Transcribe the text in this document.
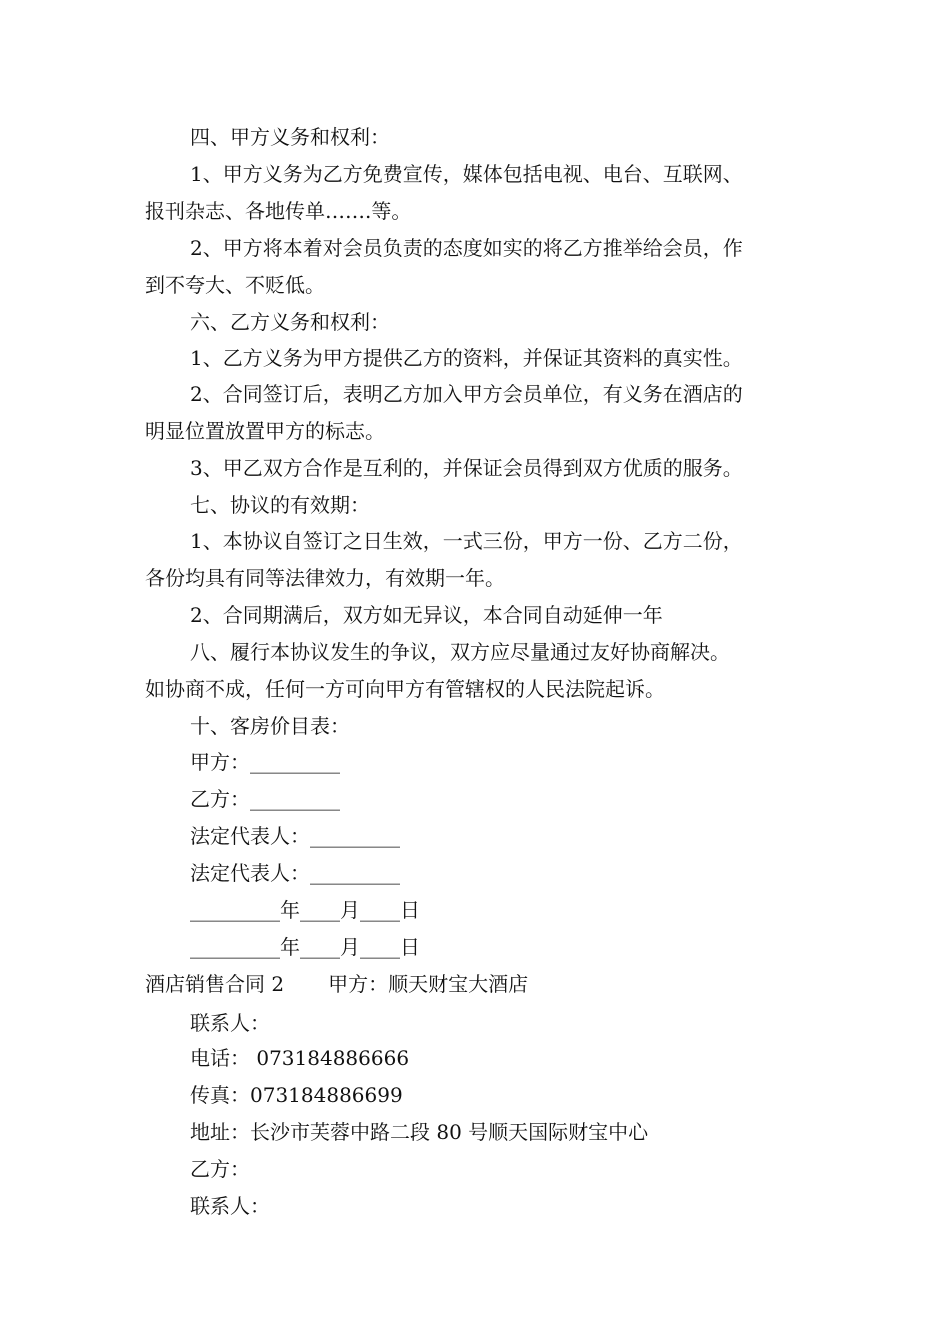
四、甲方义务和权利：
1、甲方义务为乙方免费宣传，媒体包括电视、电台、互联网、
报刊杂志、各地传单…….等。
2、甲方将本着对会员负责的态度如实的将乙方推举给会员，作
到不夸大、不贬低。
六、乙方义务和权利：
1、乙方义务为甲方提供乙方的资料，并保证其资料的真实性。
2、合同签订后，表明乙方加入甲方会员单位，有义务在酒店的
明显位置放置甲方的标志。
3、甲乙双方合作是互利的，并保证会员得到双方优质的服务。
七、协议的有效期：
1、本协议自签订之日生效，一式三份，甲方一份、乙方二份，
各份均具有同等法律效力，有效期一年。
2、合同期满后，双方如无异议，本合同自动延伸一年
八、履行本协议发生的争议，双方应尽量通过友好协商解决。
如协商不成，任何一方可向甲方有管辖权的人民法院起诉。
十、客房价目表：
甲方：_________
乙方：_________
法定代表人：_________
法定代表人：_________
_________年____月____日
_________年____月____日
酒店销售合同 2 甲方：顺天财宝大酒店
联系人：
电话： 073184886666
传真：073184886699
地址：长沙市芙蓉中路二段 80 号顺天国际财宝中心
乙方：
联系人：
